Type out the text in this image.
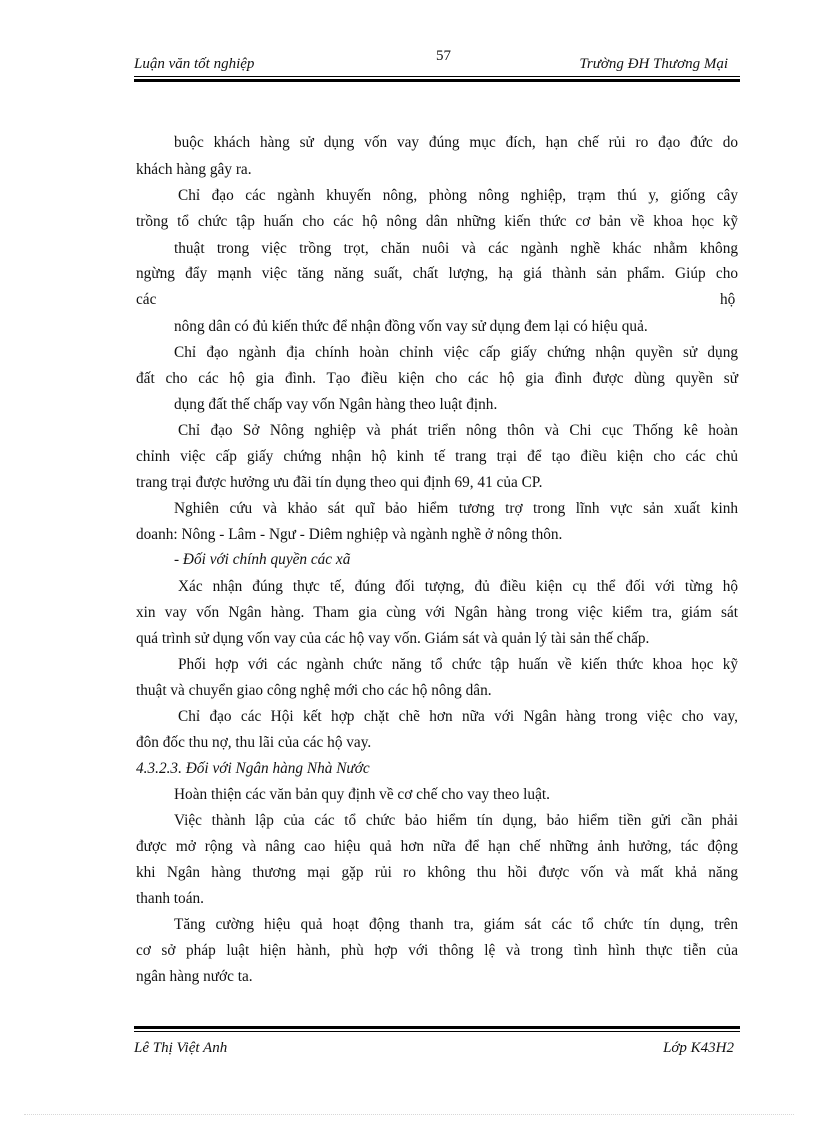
Luận văn tốt nghiệp	57	Trường ĐH Thương Mại
buộc khách hàng sử dụng vốn vay đúng mục đích, hạn chế rủi ro đạo đức do
khách hàng gây ra.
Chỉ đạo các ngành khuyến nông, phòng nông nghiệp, trạm thú y, giống cây
trồng tổ chức tập huấn cho các hộ nông dân những kiến thức cơ bản về khoa học kỹ
thuật trong việc trồng trọt, chăn nuôi và các ngành nghề khác nhằm không
ngừng đẩy mạnh việc tăng năng suất, chất lượng, hạ giá thành sản phẩm. Giúp cho
các	hộ
nông dân có đủ kiến thức để nhận đồng vốn vay sử dụng đem lại có hiệu quả.
Chỉ đạo ngành địa chính hoàn chỉnh việc cấp giấy chứng nhận quyền sử dụng
đất cho các hộ gia đình. Tạo điều kiện cho các hộ gia đình được dùng quyền sử
dụng đất thế chấp vay vốn Ngân hàng theo luật định.
Chỉ đạo Sở Nông nghiệp và phát triển nông thôn và Chi cục Thống kê hoàn
chỉnh việc cấp giấy chứng nhận hộ kinh tế trang trại để tạo điều kiện cho các chủ
trang trại được hưởng ưu đãi tín dụng theo qui định 69, 41 của CP.
Nghiên cứu và khảo sát quĩ bảo hiểm tương trợ trong lĩnh vực sản xuất kinh
doanh: Nông - Lâm - Ngư - Diêm nghiệp và ngành nghề ở nông thôn.
- Đối với chính quyền các xã
Xác nhận đúng thực tế, đúng đối tượng, đủ điều kiện cụ thể đối với từng hộ
xin vay vốn Ngân hàng. Tham gia cùng với Ngân hàng trong việc kiểm tra, giám sát
quá trình sử dụng vốn vay của các hộ vay vốn. Giám sát và quản lý tài sản thế chấp.
Phối hợp với các ngành chức năng tổ chức tập huấn về kiến thức khoa học kỹ
thuật và chuyển giao công nghệ mới cho các hộ nông dân.
Chỉ đạo các Hội kết hợp chặt chẽ hơn nữa với Ngân hàng trong việc cho vay,
đôn đốc thu nợ, thu lãi của các hộ vay.
4.3.2.3. Đối với Ngân hàng Nhà Nước
Hoàn thiện các văn bản quy định về cơ chế cho vay theo luật.
Việc thành lập của các tổ chức bảo hiểm tín dụng, bảo hiểm tiền gửi cần phải
được mở rộng và nâng cao hiệu quả hơn nữa để hạn chế những ảnh hưởng, tác động
khi Ngân hàng thương mại gặp rủi ro không thu hồi được vốn và mất khả năng
thanh toán.
Tăng cường hiệu quả hoạt động thanh tra, giám sát các tổ chức tín dụng, trên
cơ sở pháp luật hiện hành, phù hợp với thông lệ và trong tình hình thực tiễn của
ngân hàng nước ta.
Lê Thị Việt Anh	Lớp K43H2
